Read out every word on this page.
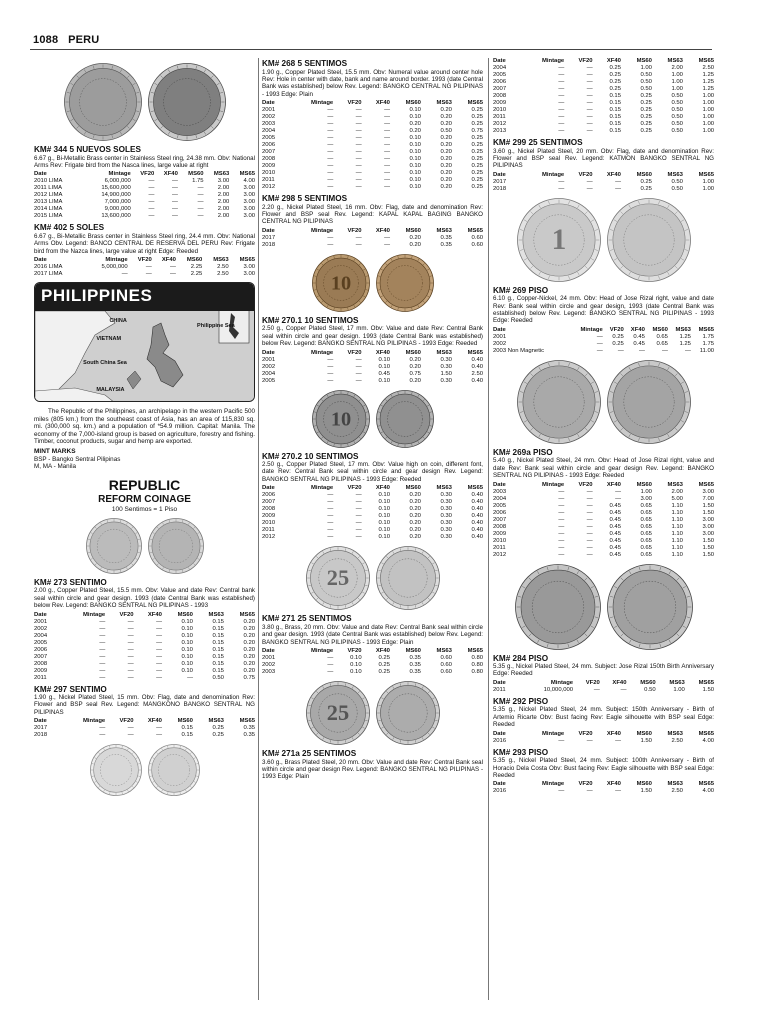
1088 PERU
KM# 344 5 NUEVOS SOLES
6.67 g., Bi-Metallic Brass center in Stainless Steel ring, 24.38 mm. Obv: National Arms Rev: Frigate bird from the Nasca lines, large value at right
Date	Mintage	VF20	XF40	MS60	MS63	MS65
2010 LIMA	6,000,000	—	—	1.75	3.00	4.00
2011 LIMA	15,600,000	—	—	—	2.00	3.00
2012 LIMA	14,900,000	—	—	—	2.00	3.00
2013 LIMA	7,000,000	—	—	—	2.00	3.00
2014 LIMA	9,000,000	—	—	—	2.00	3.00
2015 LIMA	13,600,000	—	—	—	2.00	3.00
KM# 402 5 SOLES
6.67 g., Bi-Metallic Brass center in Stainless Steel ring, 24.4 mm. Obv: National Arms Obv. Legend: BANCO CENTRAL DE RESERVA DEL PERU Rev: Frigate bird from the Nazca lines, large value at right Edge: Reeded
Date	Mintage	VF20	XF40	MS60	MS63	MS65
2016 LIMA	5,000,000	—	—	2.25	2.50	3.00
2017 LIMA	—	—	—	2.25	2.50	3.00
PHILIPPINES
CHINA
Philippine Sea
VIETNAM
South China Sea
MALAYSIA
The Republic of the Philippines, an archipelago in the western Pacific 500 miles (805 km.) from the southeast coast of Asia, has an area of 115,830 sq. mi. (300,000 sq. km.) and a population of *54.9 million. Capital: Manila. The economy of the 7,000-island group is based on agriculture, forestry and fishing. Timber, coconut products, sugar and hemp are exported.
MINT MARKS
BSP - Bangko Sentral Pilipinas
M, MA - Manila
REPUBLIC
REFORM COINAGE
100 Sentimos = 1 Piso
KM# 273 SENTIMO
2.00 g., Copper Plated Steel, 15.5 mm. Obv: Value and date Rev: Central bank seal within circle and gear design. 1993 (date Central Bank was established) below Rev. Legend: BANGKO SENTRAL NG PILIPINAS - 1993
Date	Mintage	VF20	XF40	MS60	MS63	MS65
2001	—	—	—	0.10	0.15	0.20
2002	—	—	—	0.10	0.15	0.20
2004	—	—	—	0.10	0.15	0.20
2005	—	—	—	0.10	0.15	0.20
2006	—	—	—	0.10	0.15	0.20
2007	—	—	—	0.10	0.15	0.20
2008	—	—	—	0.10	0.15	0.20
2009	—	—	—	0.10	0.15	0.20
2011	—	—	—	—	0.50	0.75
KM# 297 SENTIMO
1.90 g., Nickel Plated Steel, 15 mm. Obv: Flag, date and denomination Rev: Flower and BSP seal Rev. Legend: MANGKONO BANGKO SENTRAL NG PILIPINAS
Date	Mintage	VF20	XF40	MS60	MS63	MS65
2017	—	—	—	0.15	0.25	0.35
2018	—	—	—	0.15	0.25	0.35
KM# 268 5 SENTIMOS
1.90 g., Copper Plated Steel, 15.5 mm. Obv: Numeral value around center hole Rev: Hole in center with date, bank and name around border. 1993 (date Central Bank was established) below Rev. Legend: BANGKO CENTRAL NG PILIPINAS - 1993 Edge: Plain
Date	Mintage	VF20	XF40	MS60	MS63	MS65
2001	—	—	—	0.10	0.20	0.25
2002	—	—	—	0.10	0.20	0.25
2003	—	—	—	0.20	0.20	0.25
2004	—	—	—	0.20	0.50	0.75
2005	—	—	—	0.10	0.20	0.25
2006	—	—	—	0.10	0.20	0.25
2007	—	—	—	0.10	0.20	0.25
2008	—	—	—	0.10	0.20	0.25
2009	—	—	—	0.10	0.20	0.25
2010	—	—	—	0.10	0.20	0.25
2011	—	—	—	0.10	0.20	0.25
2012	—	—	—	0.10	0.20	0.25
KM# 298 5 SENTIMOS
2.20 g., Nickel Plated Steel, 16 mm. Obv: Flag, date and denomination Rev: Flower and BSP seal Rev. Legend: KAPAL KAPAL BAGING BANGKO CENTRAL NG PILIPINAS
Date	Mintage	VF20	XF40	MS60	MS63	MS65
2017	—	—	—	0.20	0.35	0.60
2018	—	—	—	0.20	0.35	0.60
10
KM# 270.1 10 SENTIMOS
2.50 g., Copper Plated Steel, 17 mm. Obv: Value and date Rev: Central Bank seal within circle and gear design. 1993 (date Central Bank was established) below Rev. Legend: BANGKO SENTRAL NG PILIPINAS - 1993 Edge: Reeded
Date	Mintage	VF20	XF40	MS60	MS63	MS65
2001	—	—	0.10	0.20	0.30	0.40
2002	—	—	0.10	0.20	0.30	0.40
2004	—	—	0.45	0.75	1.50	2.50
2005	—	—	0.10	0.20	0.30	0.40
10
KM# 270.2 10 SENTIMOS
2.50 g., Copper Plated Steel, 17 mm. Obv: Value high on coin, different font, date Rev: Central Bank seal within circle and gear design Rev. Legend: BANGKO SENTRAL NG PILIPINAS - 1993 Edge: Reeded
Date	Mintage	VF20	XF40	MS60	MS63	MS65
2006	—	—	0.10	0.20	0.30	0.40
2007	—	—	0.10	0.20	0.30	0.40
2008	—	—	0.10	0.20	0.30	0.40
2009	—	—	0.10	0.20	0.30	0.40
2010	—	—	0.10	0.20	0.30	0.40
2011	—	—	0.10	0.20	0.30	0.40
2012	—	—	0.10	0.20	0.30	0.40
25
KM# 271 25 SENTIMOS
3.80 g., Brass, 20 mm. Obv: Value and date Rev: Central Bank seal within circle and gear design. 1993 (date Central Bank was established) below Rev. Legend: BANGKO SENTRAL NG PILIPINAS - 1993 Edge: Plain
Date	Mintage	VF20	XF40	MS60	MS63	MS65
2001	—	0.10	0.25	0.35	0.60	0.80
2002	—	0.10	0.25	0.35	0.60	0.80
2003	—	0.10	0.25	0.35	0.60	0.80
25
KM# 271a 25 SENTIMOS
3.60 g., Brass Plated Steel, 20 mm. Obv: Value and date Rev: Central Bank seal within circle and gear design Rev. Legend: BANGKO SENTRAL NG PILIPINAS - 1993 Edge: Plain
Date	Mintage	VF20	XF40	MS60	MS63	MS65
2004	—	—	0.25	1.00	2.00	2.50
2005	—	—	0.25	0.50	1.00	1.25
2006	—	—	0.25	0.50	1.00	1.25
2007	—	—	0.25	0.50	1.00	1.25
2008	—	—	0.15	0.25	0.50	1.00
2009	—	—	0.15	0.25	0.50	1.00
2010	—	—	0.15	0.25	0.50	1.00
2011	—	—	0.15	0.25	0.50	1.00
2012	—	—	0.15	0.25	0.50	1.00
2013	—	—	0.15	0.25	0.50	1.00
KM# 299 25 SENTIMOS
3.60 g., Nickel Plated Steel, 20 mm. Obv: Flag, date and denomination Rev: Flower and BSP seal Rev. Legend: KATMON BANGKO SENTRAL NG PILIPINAS
Date	Mintage	VF20	XF40	MS60	MS63	MS65
2017	—	—	—	0.25	0.50	1.00
2018	—	—	—	0.25	0.50	1.00
1
KM# 269 PISO
6.10 g., Copper-Nickel, 24 mm. Obv: Head of Jose Rizal right, value and date Rev: Bank seal within circle and gear design, 1993 (date Central Bank was established) below Rev. Legend: BANGKO SENTRAL NG PILIPINAS - 1993 Edge: Reeded
Date	Mintage	VF20	XF40	MS60	MS63	MS65
2001	—	0.25	0.45	0.65	1.25	1.75
2002	—	0.25	0.45	0.65	1.25	1.75
2003 Non Magnetic	—	—	—	—	—	11.00
KM# 269a PISO
5.40 g., Nickel Plated Steel, 24 mm. Obv: Head of Jose Rizal right, value and date Rev: Bank seal within circle and gear design Rev. Legend: BANGKO SENTRAL NG PILIPINAS - 1993 Edge: Reeded
Date	Mintage	VF20	XF40	MS60	MS63	MS65
2003	—	—	—	1.00	2.00	3.00
2004	—	—	—	3.00	5.00	7.00
2005	—	—	0.45	0.65	1.10	1.50
2006	—	—	0.45	0.65	1.10	1.50
2007	—	—	0.45	0.65	1.10	3.00
2008	—	—	0.45	0.65	1.10	3.00
2009	—	—	0.45	0.65	1.10	3.00
2010	—	—	0.45	0.65	1.10	1.50
2011	—	—	0.45	0.65	1.10	1.50
2012	—	—	0.45	0.65	1.10	1.50
KM# 284 PISO
5.35 g., Nickel Plated Steel, 24 mm. Subject: Jose Rizal 150th Birth Anniversary Edge: Reeded
Date	Mintage	VF20	XF40	MS60	MS63	MS65
2011	10,000,000	—	—	0.50	1.00	1.50
KM# 292 PISO
5.35 g., Nickel Plated Steel, 24 mm. Subject: 150th Anniversary - Birth of Artemio Ricarte Obv: Bust facing Rev: Eagle silhouette with BSP seal Edge: Reeded
Date	Mintage	VF20	XF40	MS60	MS63	MS65
2016	—	—	—	1.50	2.50	4.00
KM# 293 PISO
5.35 g., Nickel Plated Steel, 24 mm. Subject: 100th Anniversary - Birth of Horacio Dela Costa Obv: Bust facing Rev: Eagle silhouette with BSP seal Edge: Reeded
Date	Mintage	VF20	XF40	MS60	MS63	MS65
2016	—	—	—	1.50	2.50	4.00
